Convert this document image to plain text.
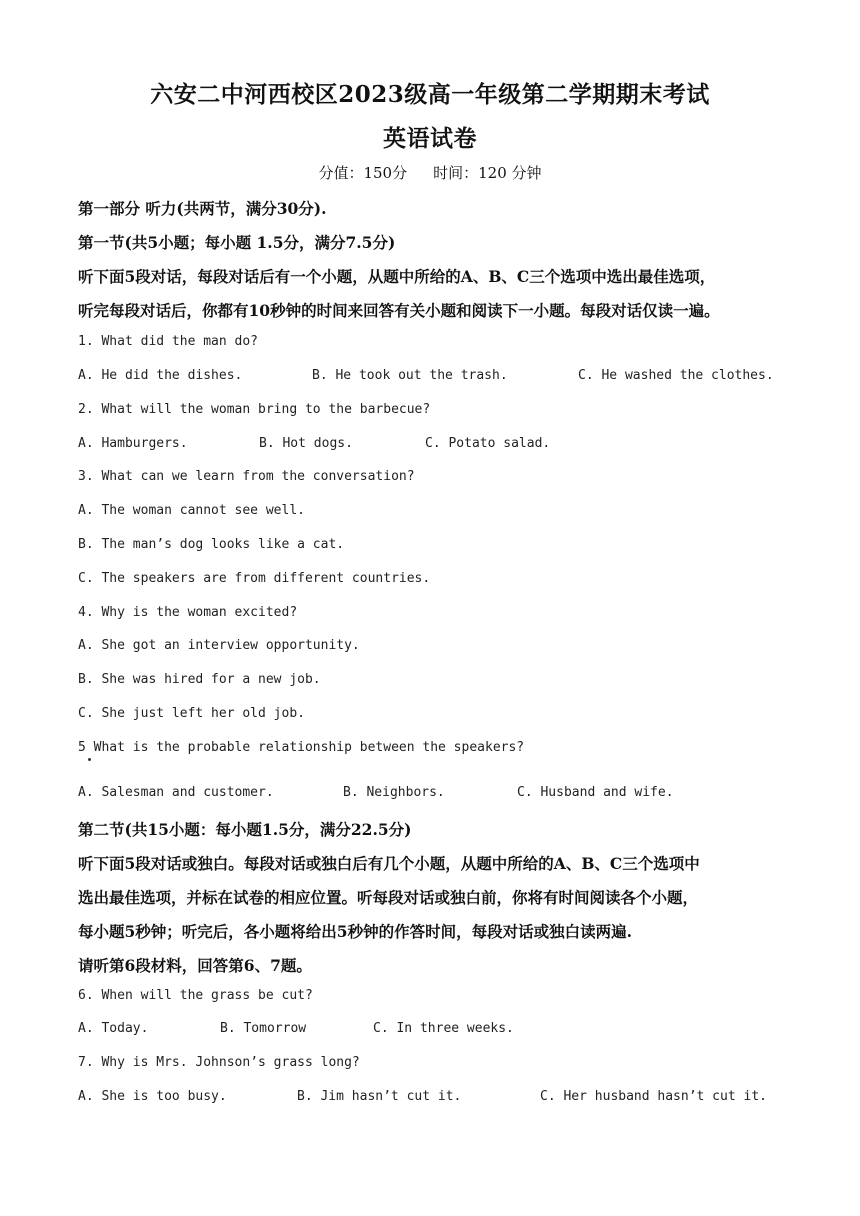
六安二中河西校区2023级高一年级第二学期期末考试
英语试卷
分值：150分 时间：120 分钟
第一部分 听力(共两节，满分30分).
第一节(共5小题；每小题 1.5分，满分7.5分)
听下面5段对话，每段对话后有一个小题，从题中所给的A、B、C三个选项中选出最佳选项，
听完每段对话后，你都有10秒钟的时间来回答有关小题和阅读下一小题。每段对话仅读一遍。
1. What did the man do?
A. He did the dishes.	B. He took out the trash.	C. He washed the clothes.
2. What will the woman bring to the barbecue?
A. Hamburgers.	B. Hot dogs.	C. Potato salad.
3. What can we learn from the conversation?
A. The woman cannot see well.
B. The man’s dog looks like a cat.
C. The speakers are from different countries.
4. Why is the woman excited?
A. She got an interview opportunity.
B. She was hired for a new job.
C. She just left her old job.
5 What is the probable relationship between the speakers?
A. Salesman and customer.	B. Neighbors.	C. Husband and wife.
第二节(共15小题：每小题1.5分，满分22.5分)
听下面5段对话或独白。每段对话或独白后有几个小题，从题中所给的A、B、C三个选项中
选出最佳选项，并标在试卷的相应位置。听每段对话或独白前，你将有时间阅读各个小题，
每小题5秒钟；听完后，各小题将给出5秒钟的作答时间，每段对话或独白读两遍.
请听第6段材料，回答第6、7题。
6. When will the grass be cut?
A. Today.	B. Tomorrow	C. In three weeks.
7. Why is Mrs. Johnson’s grass long?
A. She is too busy.	B. Jim hasn’t cut it.	C. Her husband hasn’t cut it.
